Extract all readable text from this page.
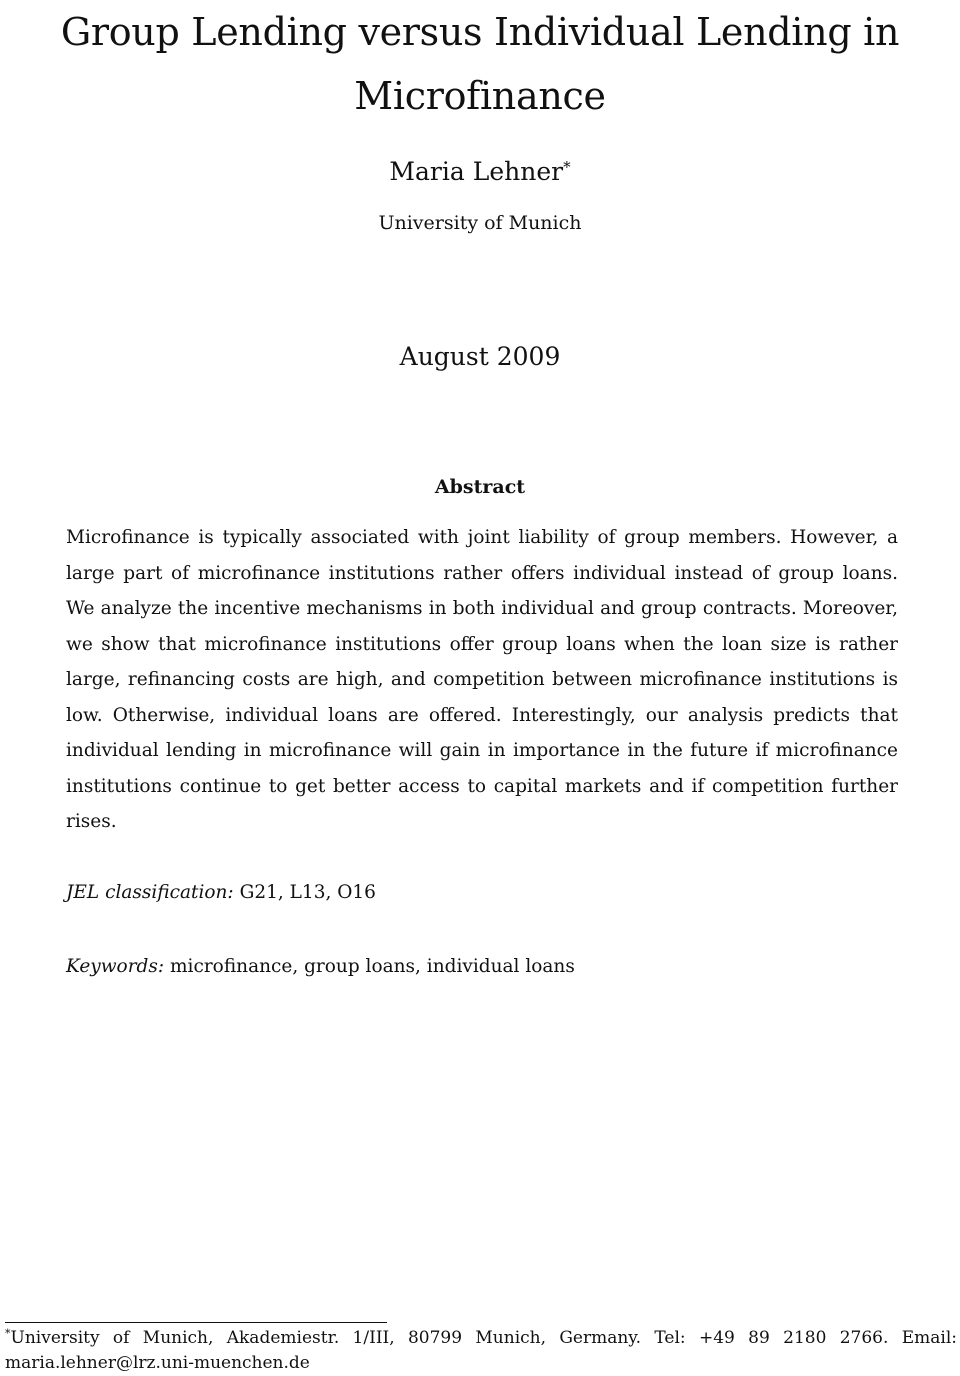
Group Lending versus Individual Lending in Microfinance
Maria Lehner*
University of Munich
August 2009
Abstract

Microfinance is typically associated with joint liability of group members. However, a large part of microfinance institutions rather offers individual instead of group loans. We analyze the incentive mechanisms in both individual and group contracts. Moreover, we show that microfinance institutions offer group loans when the loan size is rather large, refinancing costs are high, and competition between microfinance institutions is low. Otherwise, individual loans are offered. Interestingly, our analysis predicts that individual lending in microfinance will gain in importance in the future if microfinance institutions continue to get better access to capital markets and if competition further rises.

JEL classification: G21, L13, O16
Keywords: microfinance, group loans, individual loans

*University of Munich, Akademiestr. 1/III, 80799 Munich, Germany. Tel: +49 89 2180 2766. Email: maria.lehner@lrz.uni-muenchen.de
